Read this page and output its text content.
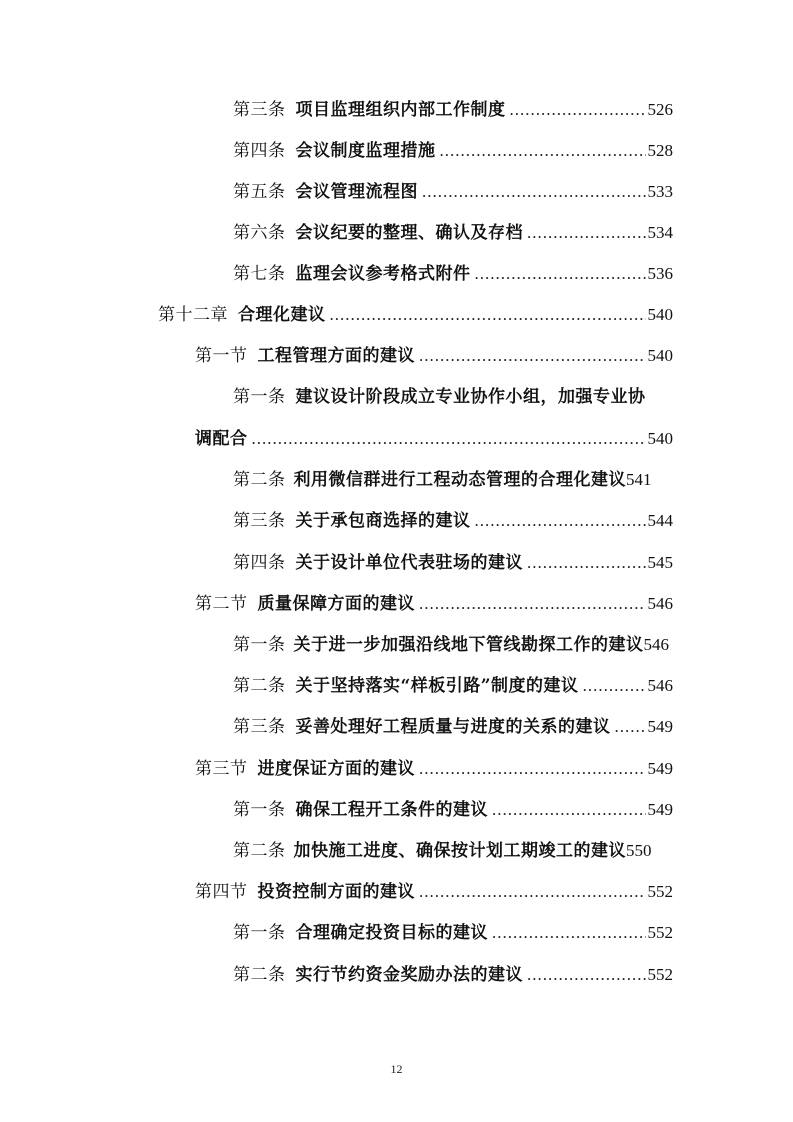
第三条 项目监理组织内部工作制度 .....	526
第四条 会议制度监理措施 .....	528
第五条 会议管理流程图 .....	533
第六条 会议纪要的整理、确认及存档 .....	534
第七条 监理会议参考格式附件 .....	536
第十二章 合理化建议 .....	540
第一节 工程管理方面的建议 .....	540
第一条 建议设计阶段成立专业协作小组，加强专业协
调配合 .....	540
第二条 利用微信群进行工程动态管理的合理化建议 541
第三条 关于承包商选择的建议 .....	544
第四条 关于设计单位代表驻场的建议 .....	545
第二节 质量保障方面的建议 .....	546
第一条 关于进一步加强沿线地下管线勘探工作的建议 546
第二条 关于坚持落实“样板引路”制度的建议 .....	546
第三条 妥善处理好工程质量与进度的关系的建议 ..... 549
第三节 进度保证方面的建议 .....	549
第一条 确保工程开工条件的建议 .....	549
第二条 加快施工进度、确保按计划工期竣工的建议 550
第四节 投资控制方面的建议 .....	552
第一条 合理确定投资目标的建议 .....	552
第二条 实行节约资金奖励办法的建议 .....	552
12
